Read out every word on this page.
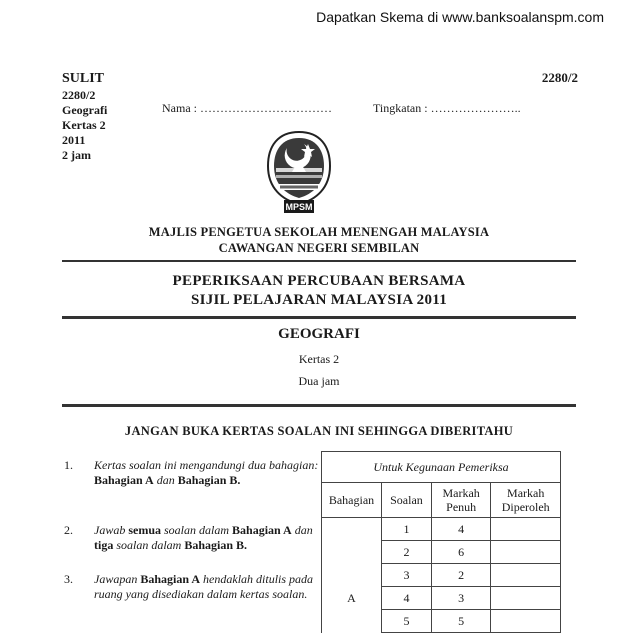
Dapatkan Skema di www.banksoalanspm.com
SULIT
2280/2
Geografi
Kertas 2
2011
2 jam
2280/2
Nama : ……………………………	Tingkatan : …………………..
MPSM
MAJLIS PENGETUA SEKOLAH MENENGAH MALAYSIA
CAWANGAN NEGERI SEMBILAN
PEPERIKSAAN PERCUBAAN BERSAMA
SIJIL PELAJARAN MALAYSIA 2011
GEOGRAFI
Kertas 2
Dua jam
JANGAN BUKA KERTAS SOALAN INI SEHINGGA DIBERITAHU
1. Kertas soalan ini mengandungi dua bahagian: Bahagian A dan Bahagian B.
2. Jawab semua soalan dalam Bahagian A dan tiga soalan dalam Bahagian B.
3. Jawapan Bahagian A hendaklah ditulis pada ruang yang disediakan dalam kertas soalan.
Untuk Kegunaan Pemeriksa			
Bahagian	Soalan	Markah Penuh	Markah Diperoleh
	1	4	
	2	6	
	3	2	
A	4	3	
	5	5	
